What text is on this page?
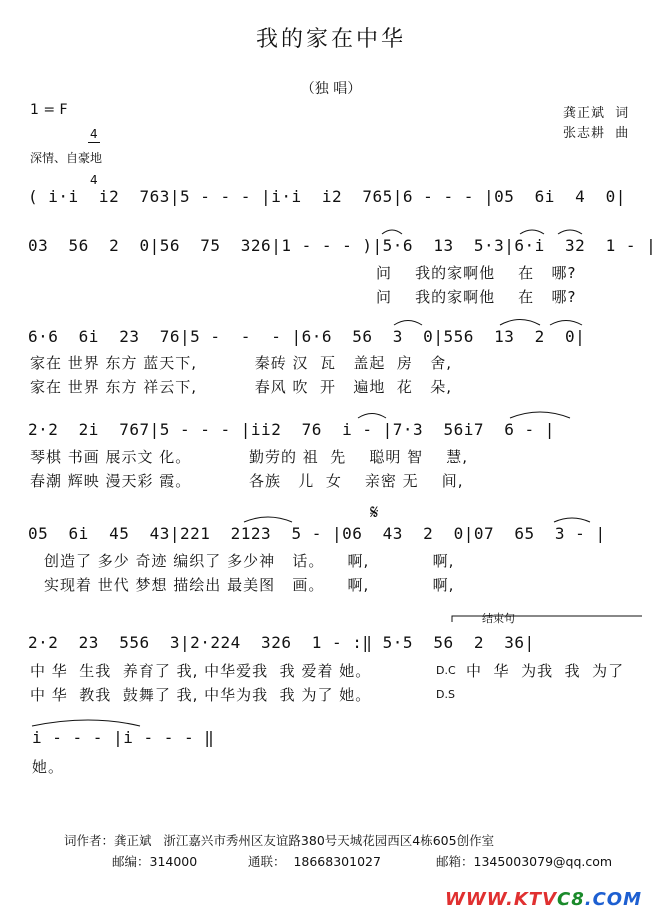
我的家在中华
（独 唱）
1 = F

4

4

龚正斌  词
张志耕  曲
深情、自豪地
( i·i  i2  763|5 - - - |i·i  i2  765|6 - - - |05  6i  4  0|
03  56  2  0|56  75  326|1 - - - )|5·6  13  5·3|6·i  32  1 - |
问    我的家啊他    在   哪?
问    我的家啊他    在   哪?
6·6  6i  23  76|5 -  -  - |6·6  56  3  0|556  13  2  0|
家在 世界 东方 蓝天下,          秦砖 汉  瓦   盖起  房   舍,
家在 世界 东方 祥云下,          春风 吹  开   遍地  花   朵,
2·2  2i  767|5 - - - |ii2  76  i - |7·3  56i7  6 - |
琴棋 书画 展示文 化。          勤劳的 祖  先    聪明 智    慧,
春潮 辉映 漫天彩 霞。          各族   儿  女    亲密 无    间,
𝄋
05  6i  45  43|221  2123  5 - |06  43  2  0|07  65  3 - |
创造了 多少 奇迹 编织了 多少神   话。    啊,           啊,
实现着 世代 梦想 描绘出 最美图   画。    啊,           啊,
结束句
2·2  23  556  3|2·224  326  1 - :‖ 5·5  56  2  36|
中 华  生我  养育了 我, 中华爱我  我 爱着 她。
中 华  教我  鼓舞了 我, 中华为我  我 为了 她。
D.C
D.S
中  华  为我  我  为了
i - - - |i - - - ‖
她。
词作者：龚正斌   浙江嘉兴市秀州区友谊路380号天城花园西区4栋605创作室
邮编：314000	通联：  18668301027	邮箱：1345003079@qq.com

WWW.KTVC8.COM
